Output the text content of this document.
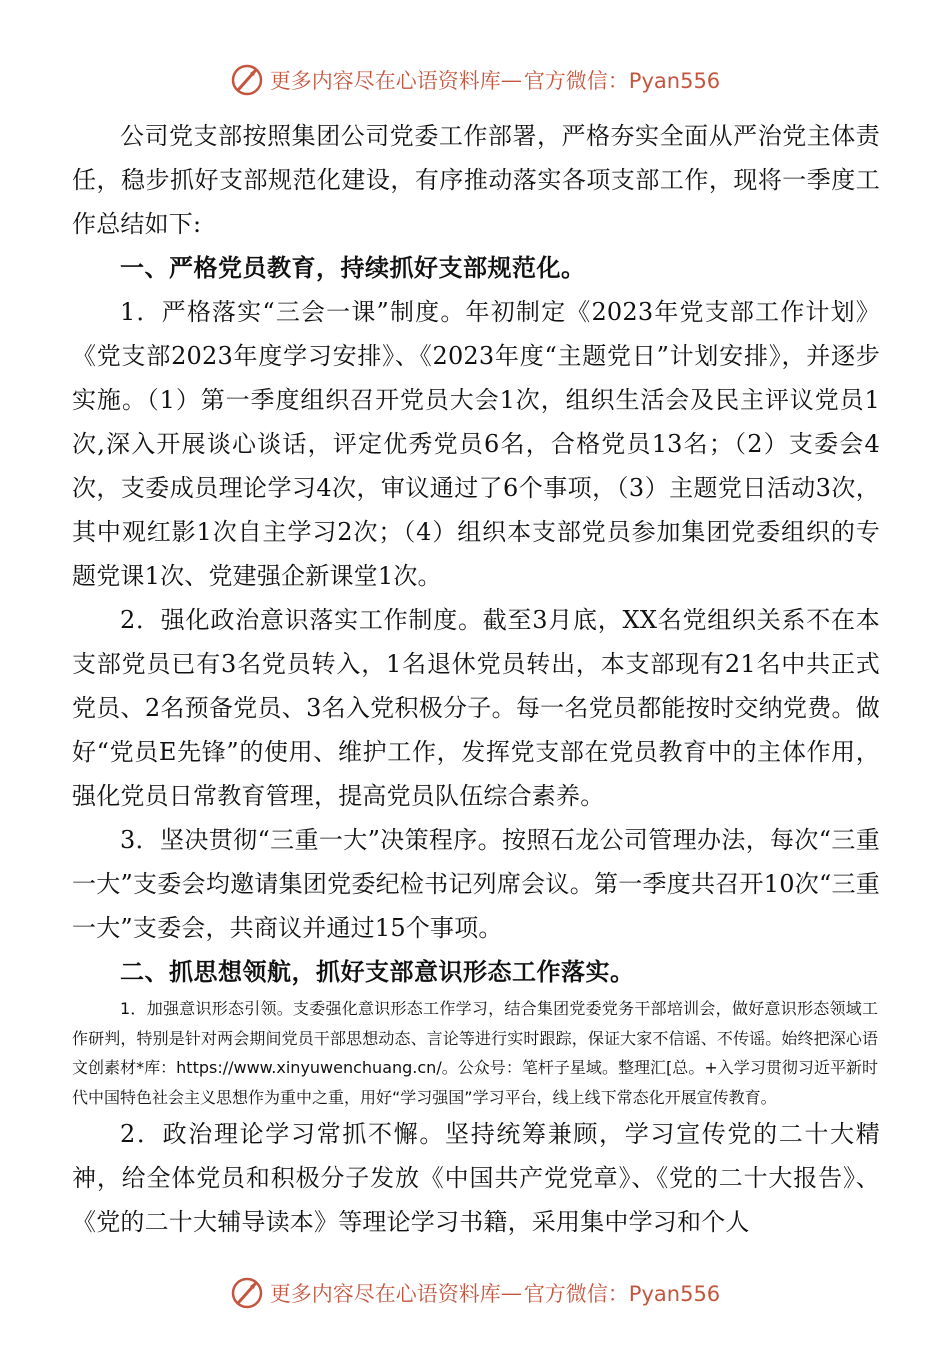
更多内容尽在心语资料库 — 官方微信：Pyan556

公司党支部按照集团公司党委工作部署，严格夯实全面从严治党主体责任，稳步抓好支部规范化建设，有序推动落实各项支部工作，现将一季度工作总结如下:

一、严格党员教育，持续抓好支部规范化。

1．严格落实“三会一课”制度。年初制定《2023年党支部工作计划》《党支部2023年度学习安排》、《2023年度“主题党日”计划安排》，并逐步实施。（1）第一季度组织召开党员大会1次，组织生活会及民主评议党员1次,深入开展谈心谈话，评定优秀党员6名，合格党员13名；（2）支委会4次，支委成员理论学习4次，审议通过了6个事项，（3）主题党日活动3次，其中观红影1次自主学习2次；（4）组织本支部党员参加集团党委组织的专题党课1次、党建强企新课堂1次。

2．强化政治意识落实工作制度。截至3月底，XX名党组织关系不在本支部党员已有3名党员转入，1名退休党员转出，本支部现有21名中共正式党员、2名预备党员、3名入党积极分子。每一名党员都能按时交纳党费。做好“党员E先锋”的使用、维护工作，发挥党支部在党员教育中的主体作用，强化党员日常教育管理，提高党员队伍综合素养。

3．坚决贯彻“三重一大”决策程序。按照石龙公司管理办法，每次“三重一大”支委会均邀请集团党委纪检书记列席会议。第一季度共召开10次“三重一大”支委会，共商议并通过15个事项。

二、抓思想领航，抓好支部意识形态工作落实。

1．加强意识形态引领。支委强化意识形态工作学习，结合集团党委党务干部培训会，做好意识形态领域工作研判，特别是针对两会期间党员干部思想动态、言论等进行实时跟踪，保证大家不信谣、不传谣。始终把深心语文创素材*库：https://www.xinyuwenchuang.cn/。公众号：笔杆子星域。整理汇[总。+入学习贯彻习近平新时代中国特色社会主义思想作为重中之重，用好“学习强国”学习平台，线上线下常态化开展宣传教育。

2．政治理论学习常抓不懈。坚持统筹兼顾，学习宣传党的二十大精神，给全体党员和积极分子发放《中国共产党党章》、《党的二十大报告》、《党的二十大辅导读本》等理论学习书籍，采用集中学习和个人

更多内容尽在心语资料库 — 官方微信：Pyan556
